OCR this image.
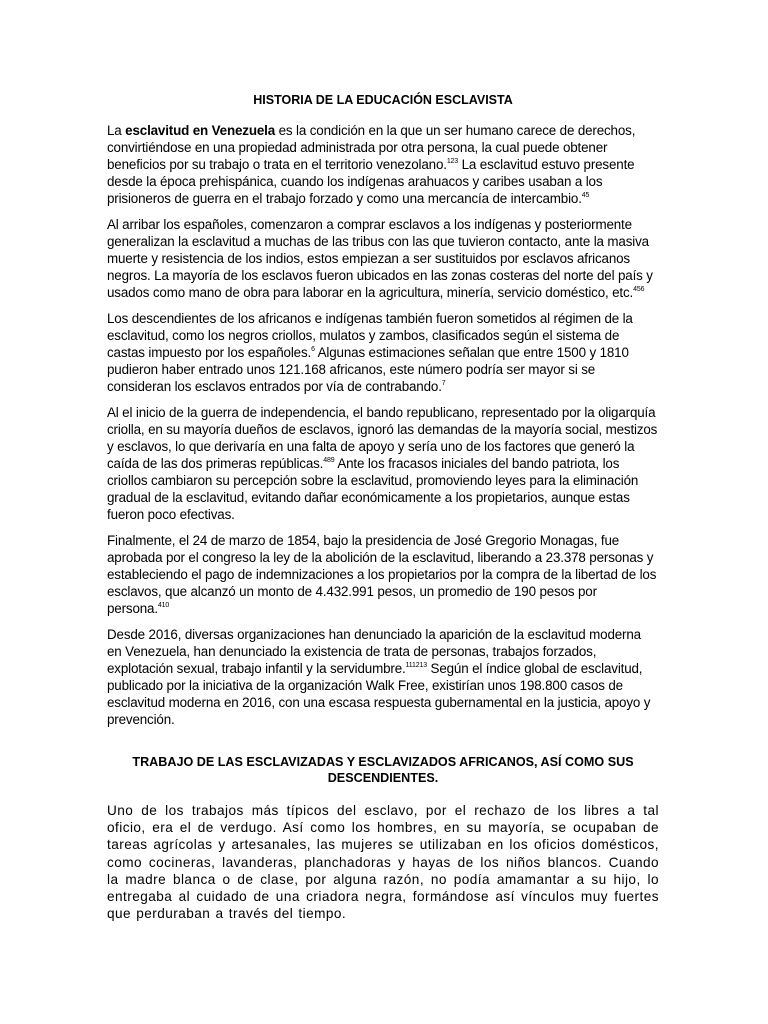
HISTORIA DE LA EDUCACIÓN ESCLAVISTA

La esclavitud en Venezuela es la condición en la que un ser humano carece de derechos, convirtiéndose en una propiedad administrada por otra persona, la cual puede obtener beneficios por su trabajo o trata en el territorio venezolano.$^{123}$ La esclavitud estuvo presente desde la época prehispánica, cuando los indígenas arahuacos y caribes usaban a los prisioneros de guerra en el trabajo forzado y como una mercancía de intercambio.$^{45}$

Al arribar los españoles, comenzaron a comprar esclavos a los indígenas y posteriormente generalizan la esclavitud a muchas de las tribus con las que tuvieron contacto, ante la masiva muerte y resistencia de los indios, estos empiezan a ser sustituidos por esclavos africanos negros. La mayoría de los esclavos fueron ubicados en las zonas costeras del norte del país y usados como mano de obra para laborar en la agricultura, minería, servicio doméstico, etc.$^{456}$

Los descendientes de los africanos e indígenas también fueron sometidos al régimen de la esclavitud, como los negros criollos, mulatos y zambos, clasificados según el sistema de castas impuesto por los españoles.$^6$ Algunas estimaciones señalan que entre 1500 y 1810 pudieron haber entrado unos 121.168 africanos, este número podría ser mayor si se consideran los esclavos entrados por vía de contrabando.$^7$

Al el inicio de la guerra de independencia, el bando republicano, representado por la oligarquía criolla, en su mayoría dueños de esclavos, ignoró las demandas de la mayoría social, mestizos y esclavos, lo que derivaría en una falta de apoyo y sería uno de los factores que generó la caída de las dos primeras repúblicas.$^{489}$ Ante los fracasos iniciales del bando patriota, los criollos cambiaron su percepción sobre la esclavitud, promoviendo leyes para la eliminación gradual de la esclavitud, evitando dañar económicamente a los propietarios, aunque estas fueron poco efectivas.

Finalmente, el 24 de marzo de 1854, bajo la presidencia de José Gregorio Monagas, fue aprobada por el congreso la ley de la abolición de la esclavitud, liberando a 23.378 personas y estableciendo el pago de indemnizaciones a los propietarios por la compra de la libertad de los esclavos, que alcanzó un monto de 4.432.991 pesos, un promedio de 190 pesos por persona.$^{410}$

Desde 2016, diversas organizaciones han denunciado la aparición de la esclavitud moderna en Venezuela, han denunciado la existencia de trata de personas, trabajos forzados, explotación sexual, trabajo infantil y la servidumbre.$^{111213}$ Según el índice global de esclavitud, publicado por la iniciativa de la organización Walk Free, existirían unos 198.800 casos de esclavitud moderna en 2016, con una escasa respuesta gubernamental en la justicia, apoyo y prevención.

TRABAJO DE LAS ESCLAVIZADAS Y ESCLAVIZADOS AFRICANOS, ASÍ COMO SUS DESCENDIENTES.

Uno de los trabajos más típicos del esclavo, por el rechazo de los libres a tal oficio, era el de verdugo. Así como los hombres, en su mayoría, se ocupaban de tareas agrícolas y artesanales, las mujeres se utilizaban en los oficios domésticos, como cocineras, lavanderas, planchadoras y hayas de los niños blancos. Cuando la madre blanca o de clase, por alguna razón, no podía amamantar a su hijo, lo entregaba al cuidado de una criadora negra, formándose así vínculos muy fuertes que perduraban a través del tiempo.
